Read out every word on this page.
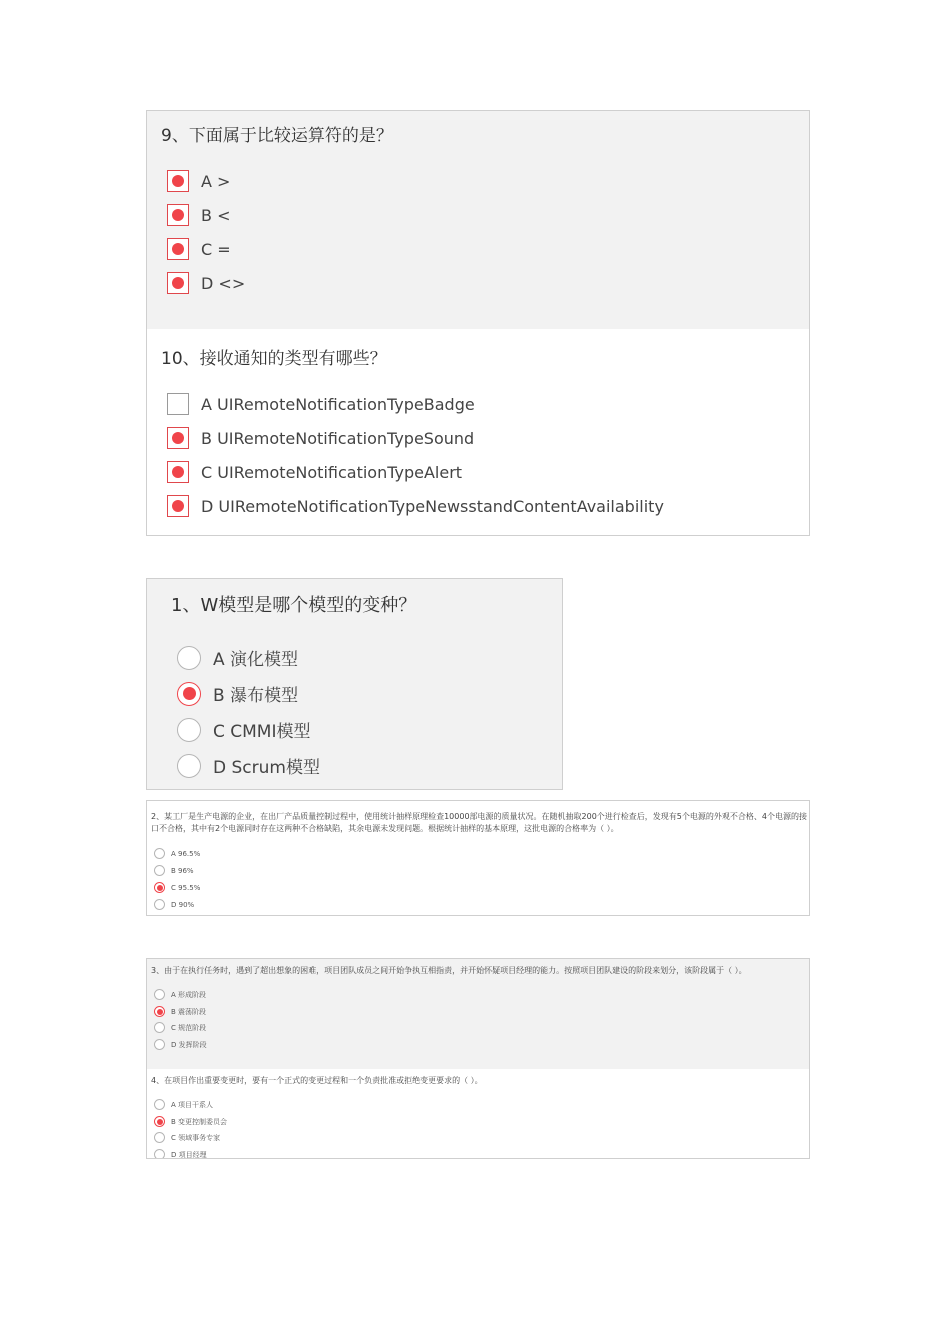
9、下面属于比较运算符的是？
A >
B <
C =
D <>
10、接收通知的类型有哪些？
A UIRemoteNotificationTypeBadge
B UIRemoteNotificationTypeSound
C UIRemoteNotificationTypeAlert
D UIRemoteNotificationTypeNewsstandContentAvailability
1、W模型是哪个模型的变种？
A 演化模型
B 瀑布模型
C CMMI模型
D Scrum模型
2、某工厂是生产电源的企业，在出厂产品质量控制过程中，使用统计抽样原理检查10000部电源的质量状况。在随机抽取200个进行检查后，发现有5个电源的外观不合格、4个电源的接口不合格，其中有2个电源同时存在这两种不合格缺陷，其余电源未发现问题。根据统计抽样的基本原理，这批电源的合格率为（ ）。
A 96.5%
B 96%
C 95.5%
D 90%
3、由于在执行任务时，遇到了超出想象的困难，项目团队成员之间开始争执互相指责，并开始怀疑项目经理的能力。按照项目团队建设的阶段来划分，该阶段属于（ ）。
A 形成阶段
B 震荡阶段
C 规范阶段
D 发挥阶段
4、在项目作出重要变更时，要有一个正式的变更过程和一个负责批准或拒绝变更要求的（ ）。
A 项目干系人
B 变更控制委员会
C 领域事务专家
D 项目经理
